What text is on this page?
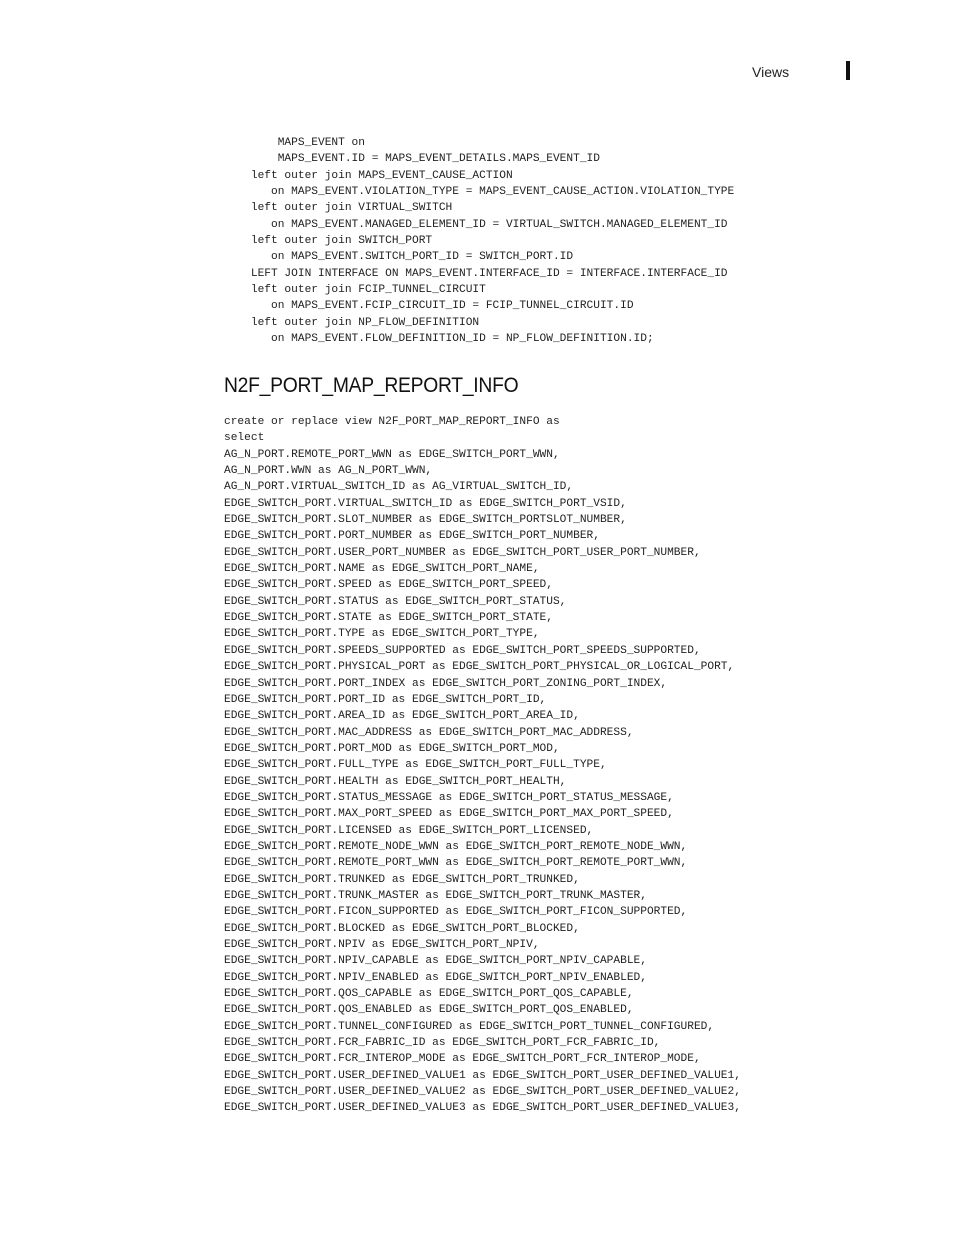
Views
MAPS_EVENT on
MAPS_EVENT.ID = MAPS_EVENT_DETAILS.MAPS_EVENT_ID
left outer join MAPS_EVENT_CAUSE_ACTION
on MAPS_EVENT.VIOLATION_TYPE = MAPS_EVENT_CAUSE_ACTION.VIOLATION_TYPE
left outer join VIRTUAL_SWITCH
on MAPS_EVENT.MANAGED_ELEMENT_ID = VIRTUAL_SWITCH.MANAGED_ELEMENT_ID
left outer join SWITCH_PORT
on MAPS_EVENT.SWITCH_PORT_ID = SWITCH_PORT.ID
LEFT JOIN INTERFACE ON MAPS_EVENT.INTERFACE_ID = INTERFACE.INTERFACE_ID
left outer join FCIP_TUNNEL_CIRCUIT
on MAPS_EVENT.FCIP_CIRCUIT_ID = FCIP_TUNNEL_CIRCUIT.ID
left outer join NP_FLOW_DEFINITION
on MAPS_EVENT.FLOW_DEFINITION_ID = NP_FLOW_DEFINITION.ID;
N2F_PORT_MAP_REPORT_INFO
create or replace view N2F_PORT_MAP_REPORT_INFO as
select
AG_N_PORT.REMOTE_PORT_WWN as EDGE_SWITCH_PORT_WWN,
AG_N_PORT.WWN as AG_N_PORT_WWN,
AG_N_PORT.VIRTUAL_SWITCH_ID as AG_VIRTUAL_SWITCH_ID,
EDGE_SWITCH_PORT.VIRTUAL_SWITCH_ID as EDGE_SWITCH_PORT_VSID,
EDGE_SWITCH_PORT.SLOT_NUMBER as EDGE_SWITCH_PORTSLOT_NUMBER,
EDGE_SWITCH_PORT.PORT_NUMBER as EDGE_SWITCH_PORT_NUMBER,
EDGE_SWITCH_PORT.USER_PORT_NUMBER as EDGE_SWITCH_PORT_USER_PORT_NUMBER,
EDGE_SWITCH_PORT.NAME as EDGE_SWITCH_PORT_NAME,
EDGE_SWITCH_PORT.SPEED as EDGE_SWITCH_PORT_SPEED,
EDGE_SWITCH_PORT.STATUS as EDGE_SWITCH_PORT_STATUS,
EDGE_SWITCH_PORT.STATE as EDGE_SWITCH_PORT_STATE,
EDGE_SWITCH_PORT.TYPE as EDGE_SWITCH_PORT_TYPE,
EDGE_SWITCH_PORT.SPEEDS_SUPPORTED as EDGE_SWITCH_PORT_SPEEDS_SUPPORTED,
EDGE_SWITCH_PORT.PHYSICAL_PORT as EDGE_SWITCH_PORT_PHYSICAL_OR_LOGICAL_PORT,
EDGE_SWITCH_PORT.PORT_INDEX as EDGE_SWITCH_PORT_ZONING_PORT_INDEX,
EDGE_SWITCH_PORT.PORT_ID as EDGE_SWITCH_PORT_ID,
EDGE_SWITCH_PORT.AREA_ID as EDGE_SWITCH_PORT_AREA_ID,
EDGE_SWITCH_PORT.MAC_ADDRESS as EDGE_SWITCH_PORT_MAC_ADDRESS,
EDGE_SWITCH_PORT.PORT_MOD as EDGE_SWITCH_PORT_MOD,
EDGE_SWITCH_PORT.FULL_TYPE as EDGE_SWITCH_PORT_FULL_TYPE,
EDGE_SWITCH_PORT.HEALTH as EDGE_SWITCH_PORT_HEALTH,
EDGE_SWITCH_PORT.STATUS_MESSAGE as EDGE_SWITCH_PORT_STATUS_MESSAGE,
EDGE_SWITCH_PORT.MAX_PORT_SPEED as EDGE_SWITCH_PORT_MAX_PORT_SPEED,
EDGE_SWITCH_PORT.LICENSED as EDGE_SWITCH_PORT_LICENSED,
EDGE_SWITCH_PORT.REMOTE_NODE_WWN as EDGE_SWITCH_PORT_REMOTE_NODE_WWN,
EDGE_SWITCH_PORT.REMOTE_PORT_WWN as EDGE_SWITCH_PORT_REMOTE_PORT_WWN,
EDGE_SWITCH_PORT.TRUNKED as EDGE_SWITCH_PORT_TRUNKED,
EDGE_SWITCH_PORT.TRUNK_MASTER as EDGE_SWITCH_PORT_TRUNK_MASTER,
EDGE_SWITCH_PORT.FICON_SUPPORTED as EDGE_SWITCH_PORT_FICON_SUPPORTED,
EDGE_SWITCH_PORT.BLOCKED as EDGE_SWITCH_PORT_BLOCKED,
EDGE_SWITCH_PORT.NPIV as EDGE_SWITCH_PORT_NPIV,
EDGE_SWITCH_PORT.NPIV_CAPABLE as EDGE_SWITCH_PORT_NPIV_CAPABLE,
EDGE_SWITCH_PORT.NPIV_ENABLED as EDGE_SWITCH_PORT_NPIV_ENABLED,
EDGE_SWITCH_PORT.QOS_CAPABLE as EDGE_SWITCH_PORT_QOS_CAPABLE,
EDGE_SWITCH_PORT.QOS_ENABLED as EDGE_SWITCH_PORT_QOS_ENABLED,
EDGE_SWITCH_PORT.TUNNEL_CONFIGURED as EDGE_SWITCH_PORT_TUNNEL_CONFIGURED,
EDGE_SWITCH_PORT.FCR_FABRIC_ID as EDGE_SWITCH_PORT_FCR_FABRIC_ID,
EDGE_SWITCH_PORT.FCR_INTEROP_MODE as EDGE_SWITCH_PORT_FCR_INTEROP_MODE,
EDGE_SWITCH_PORT.USER_DEFINED_VALUE1 as EDGE_SWITCH_PORT_USER_DEFINED_VALUE1,
EDGE_SWITCH_PORT.USER_DEFINED_VALUE2 as EDGE_SWITCH_PORT_USER_DEFINED_VALUE2,
EDGE_SWITCH_PORT.USER_DEFINED_VALUE3 as EDGE_SWITCH_PORT_USER_DEFINED_VALUE3,
